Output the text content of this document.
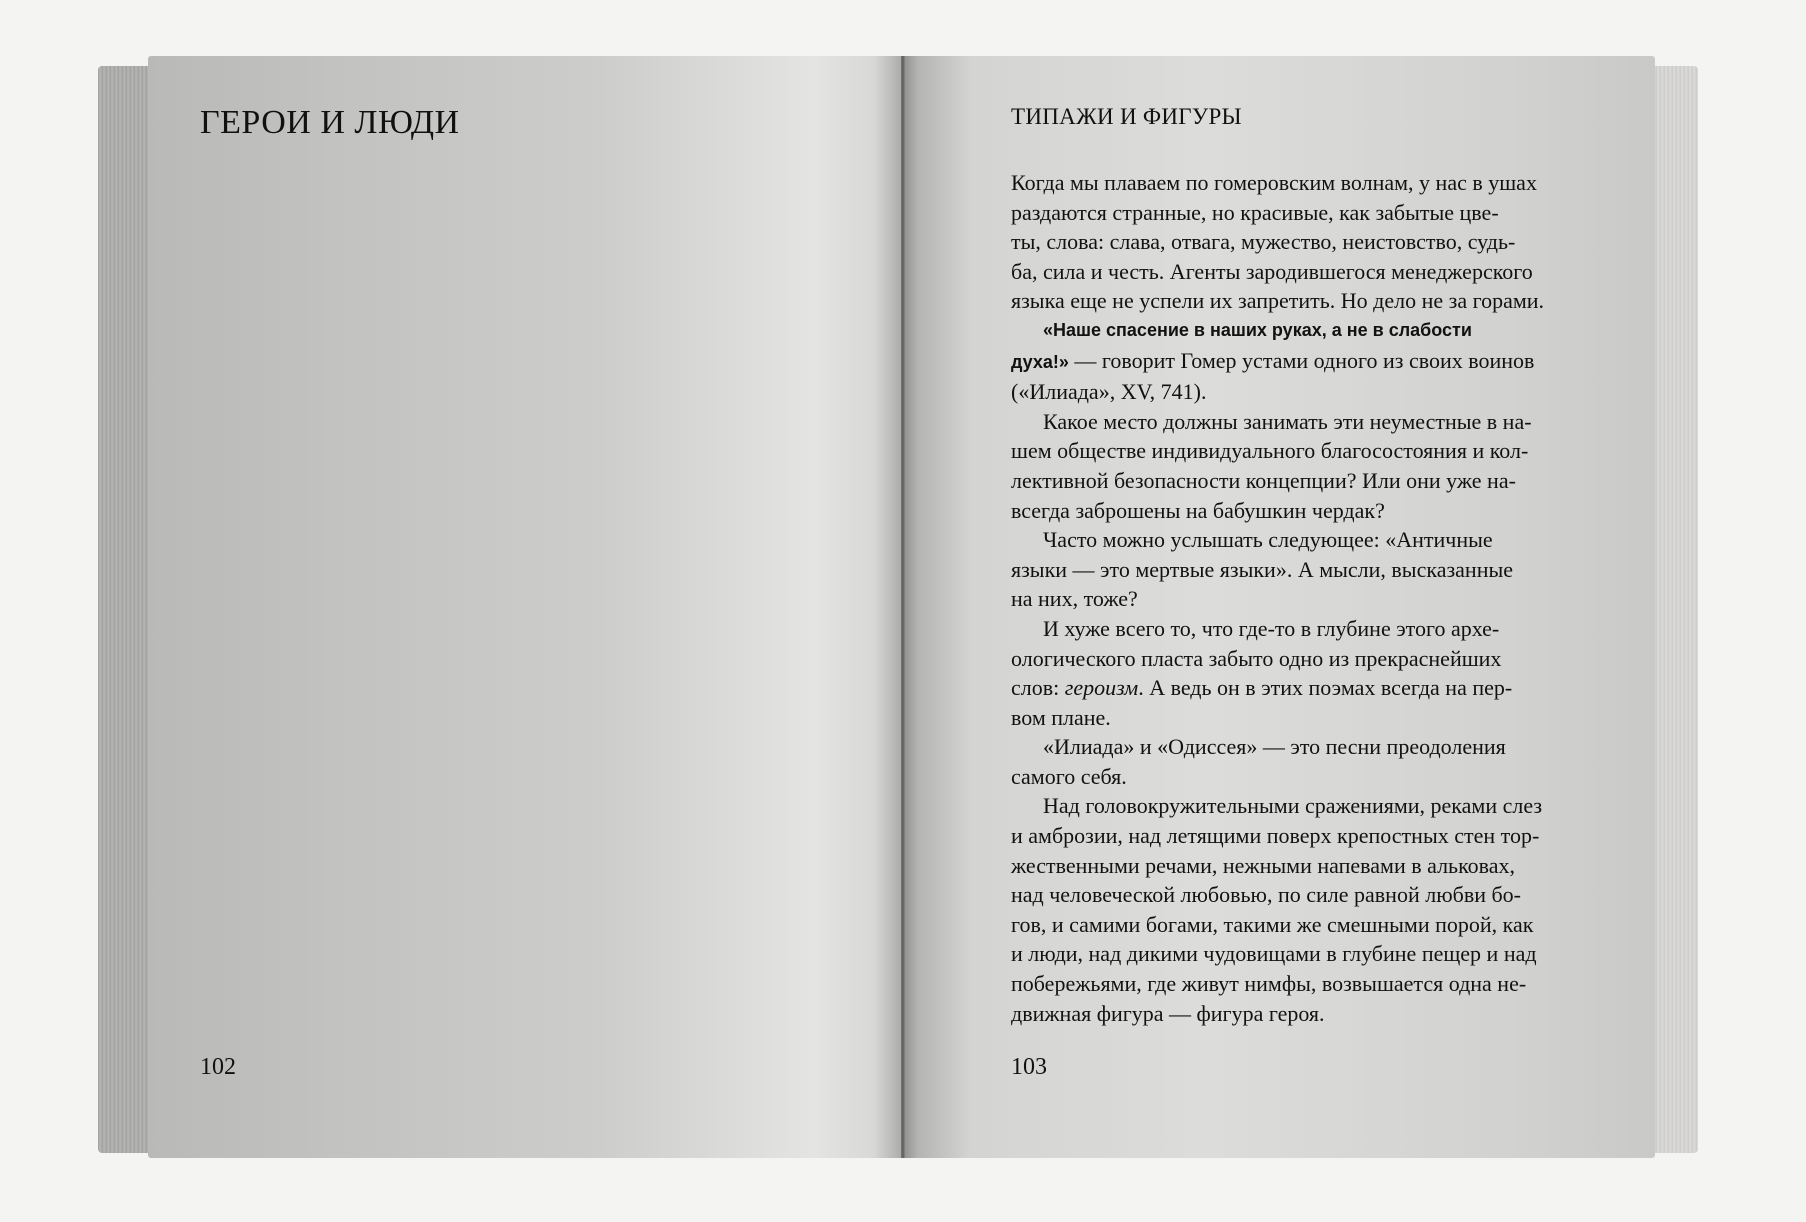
ГЕРОИ И ЛЮДИ
102
ТИПАЖИ И ФИГУРЫ
Когда мы плаваем по гомеровским волнам, у нас в ушах
раздаются странные, но красивые, как забытые цве-
ты, слова: слава, отвага, мужество, неистовство, судь-
ба, сила и честь. Агенты зародившегося менеджерского
языка еще не успели их запретить. Но дело не за горами.
«Наше спасение в наших руках, а не в слабости
духа!» — говорит Гомер устами одного из своих воинов
(«Илиада», XV, 741).
Какое место должны занимать эти неуместные в на-
шем обществе индивидуального благосостояния и кол-
лективной безопасности концепции? Или они уже на-
всегда заброшены на бабушкин чердак?
Часто можно услышать следующее: «Античные
языки — это мертвые языки». А мысли, высказанные
на них, тоже?
И хуже всего то, что где-то в глубине этого архе-
ологического пласта забыто одно из прекраснейших
слов: героизм. А ведь он в этих поэмах всегда на пер-
вом плане.
«Илиада» и «Одиссея» — это песни преодоления
самого себя.
Над головокружительными сражениями, реками слез
и амброзии, над летящими поверх крепостных стен тор-
жественными речами, нежными напевами в альковах,
над человеческой любовью, по силе равной любви бо-
гов, и самими богами, такими же смешными порой, как
и люди, над дикими чудовищами в глубине пещер и над
побережьями, где живут нимфы, возвышается одна не-
движная фигура — фигура героя.
103
